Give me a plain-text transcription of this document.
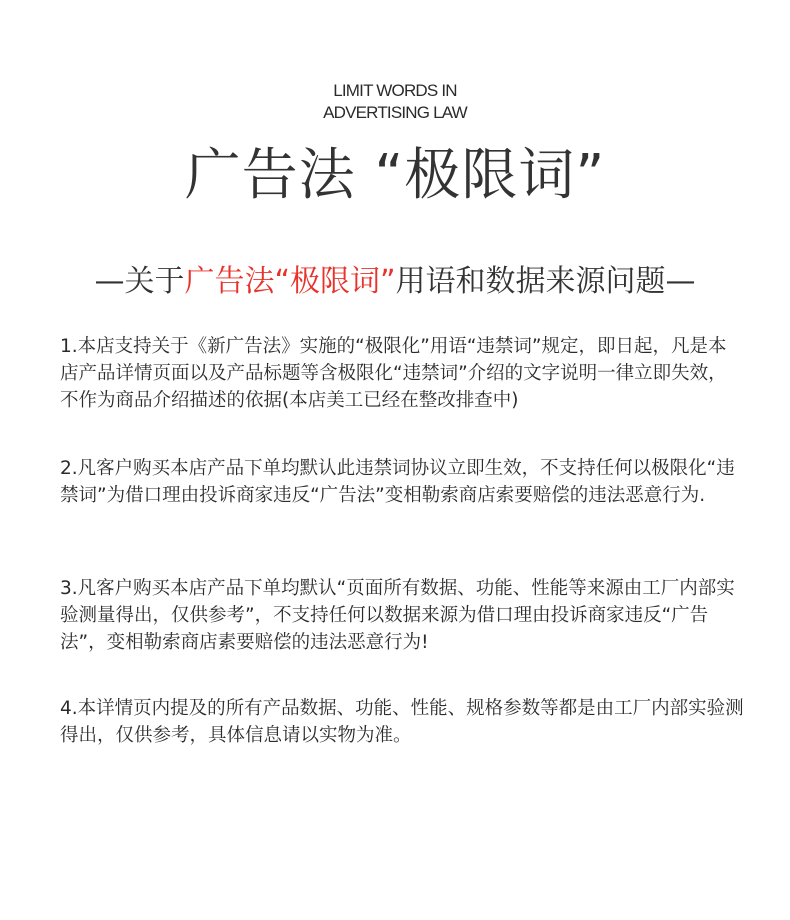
LIMIT WORDS IN
ADVERTISING LAW
广告法 “极限词”
—关于广告法“极限词”用语和数据来源问题—

1.本店支持关于《新广告法》实施的“极限化”用语“违禁词”规定，即日起，凡是本店产品详情页面以及产品标题等含极限化“违禁词”介绍的文字说明一律立即失效，不作为商品介绍描述的依据(本店美工已经在整改排查中)

2.凡客户购买本店产品下单均默认此违禁词协议立即生效，不支持任何以极限化“违禁词”为借口理由投诉商家违反“广告法”变相勒索商店索要赔偿的违法恶意行为.

3.凡客户购买本店产品下单均默认“页面所有数据、功能、性能等来源由工厂内部实验测量得出，仅供参考”，不支持任何以数据来源为借口理由投诉商家违反“广告法”，变相勒索商店素要赔偿的违法恶意行为!

4.本详情页内提及的所有产品数据、功能、性能、规格参数等都是由工厂内部实验测得出，仅供参考，具体信息请以实物为准。
